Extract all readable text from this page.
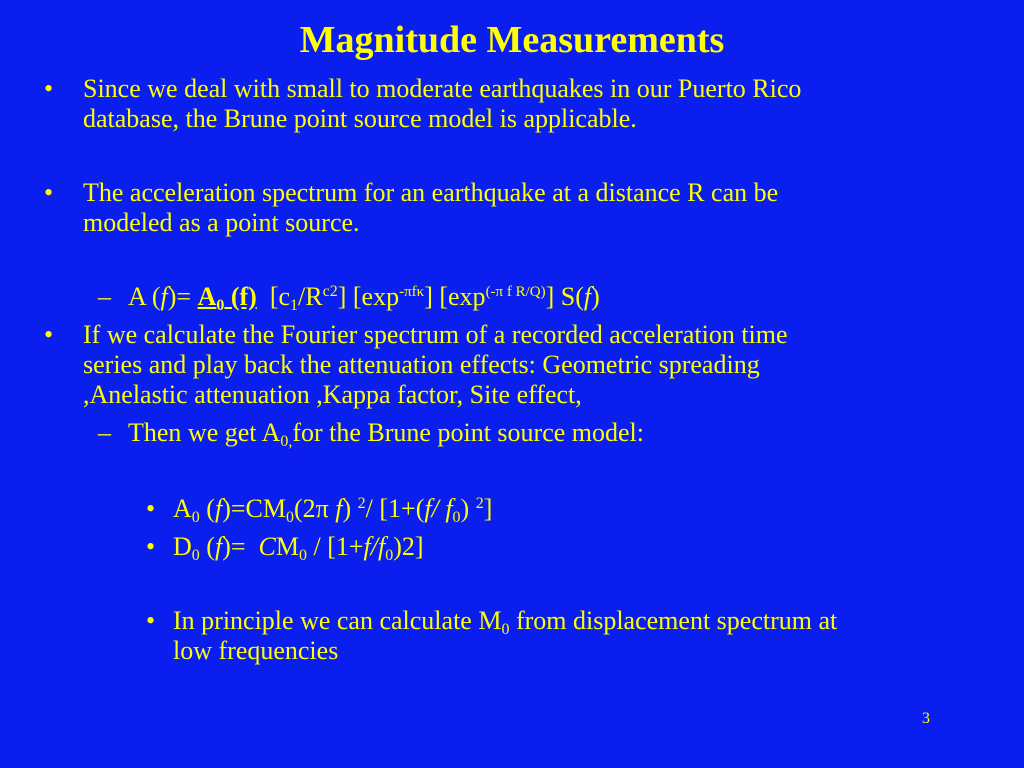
Magnitude Measurements
• Since we deal with small to moderate earthquakes in our Puerto Rico
database, the Brune point source model is applicable.
• The acceleration spectrum for an earthquake at a distance R can be
modeled as a point source.
– A $(f)= A_0$ (f)  $[c_1/R^{c2}]$ $[\exp^{-\pi f\kappa}]$ $[\exp^{(-\pi f R/Q)}]$ S(f)
• If we calculate the Fourier spectrum of a recorded acceleration time
series and play back the attenuation effects: Geometric spreading
,Anelastic attenuation ,Kappa factor, Site effect,
– Then we get $A_{0,}for$ the Brune point source model:
• $A_0$ $(f)=CM_0(2\pi$ f) $^2$/ [1+(f/ $f_0$) $^2$]
• $D_0$ $(f)= CM_0 / [1+f/f_0)2$]
• In principle we can calculate $M_0$ from displacement spectrum at
low frequencies
3
